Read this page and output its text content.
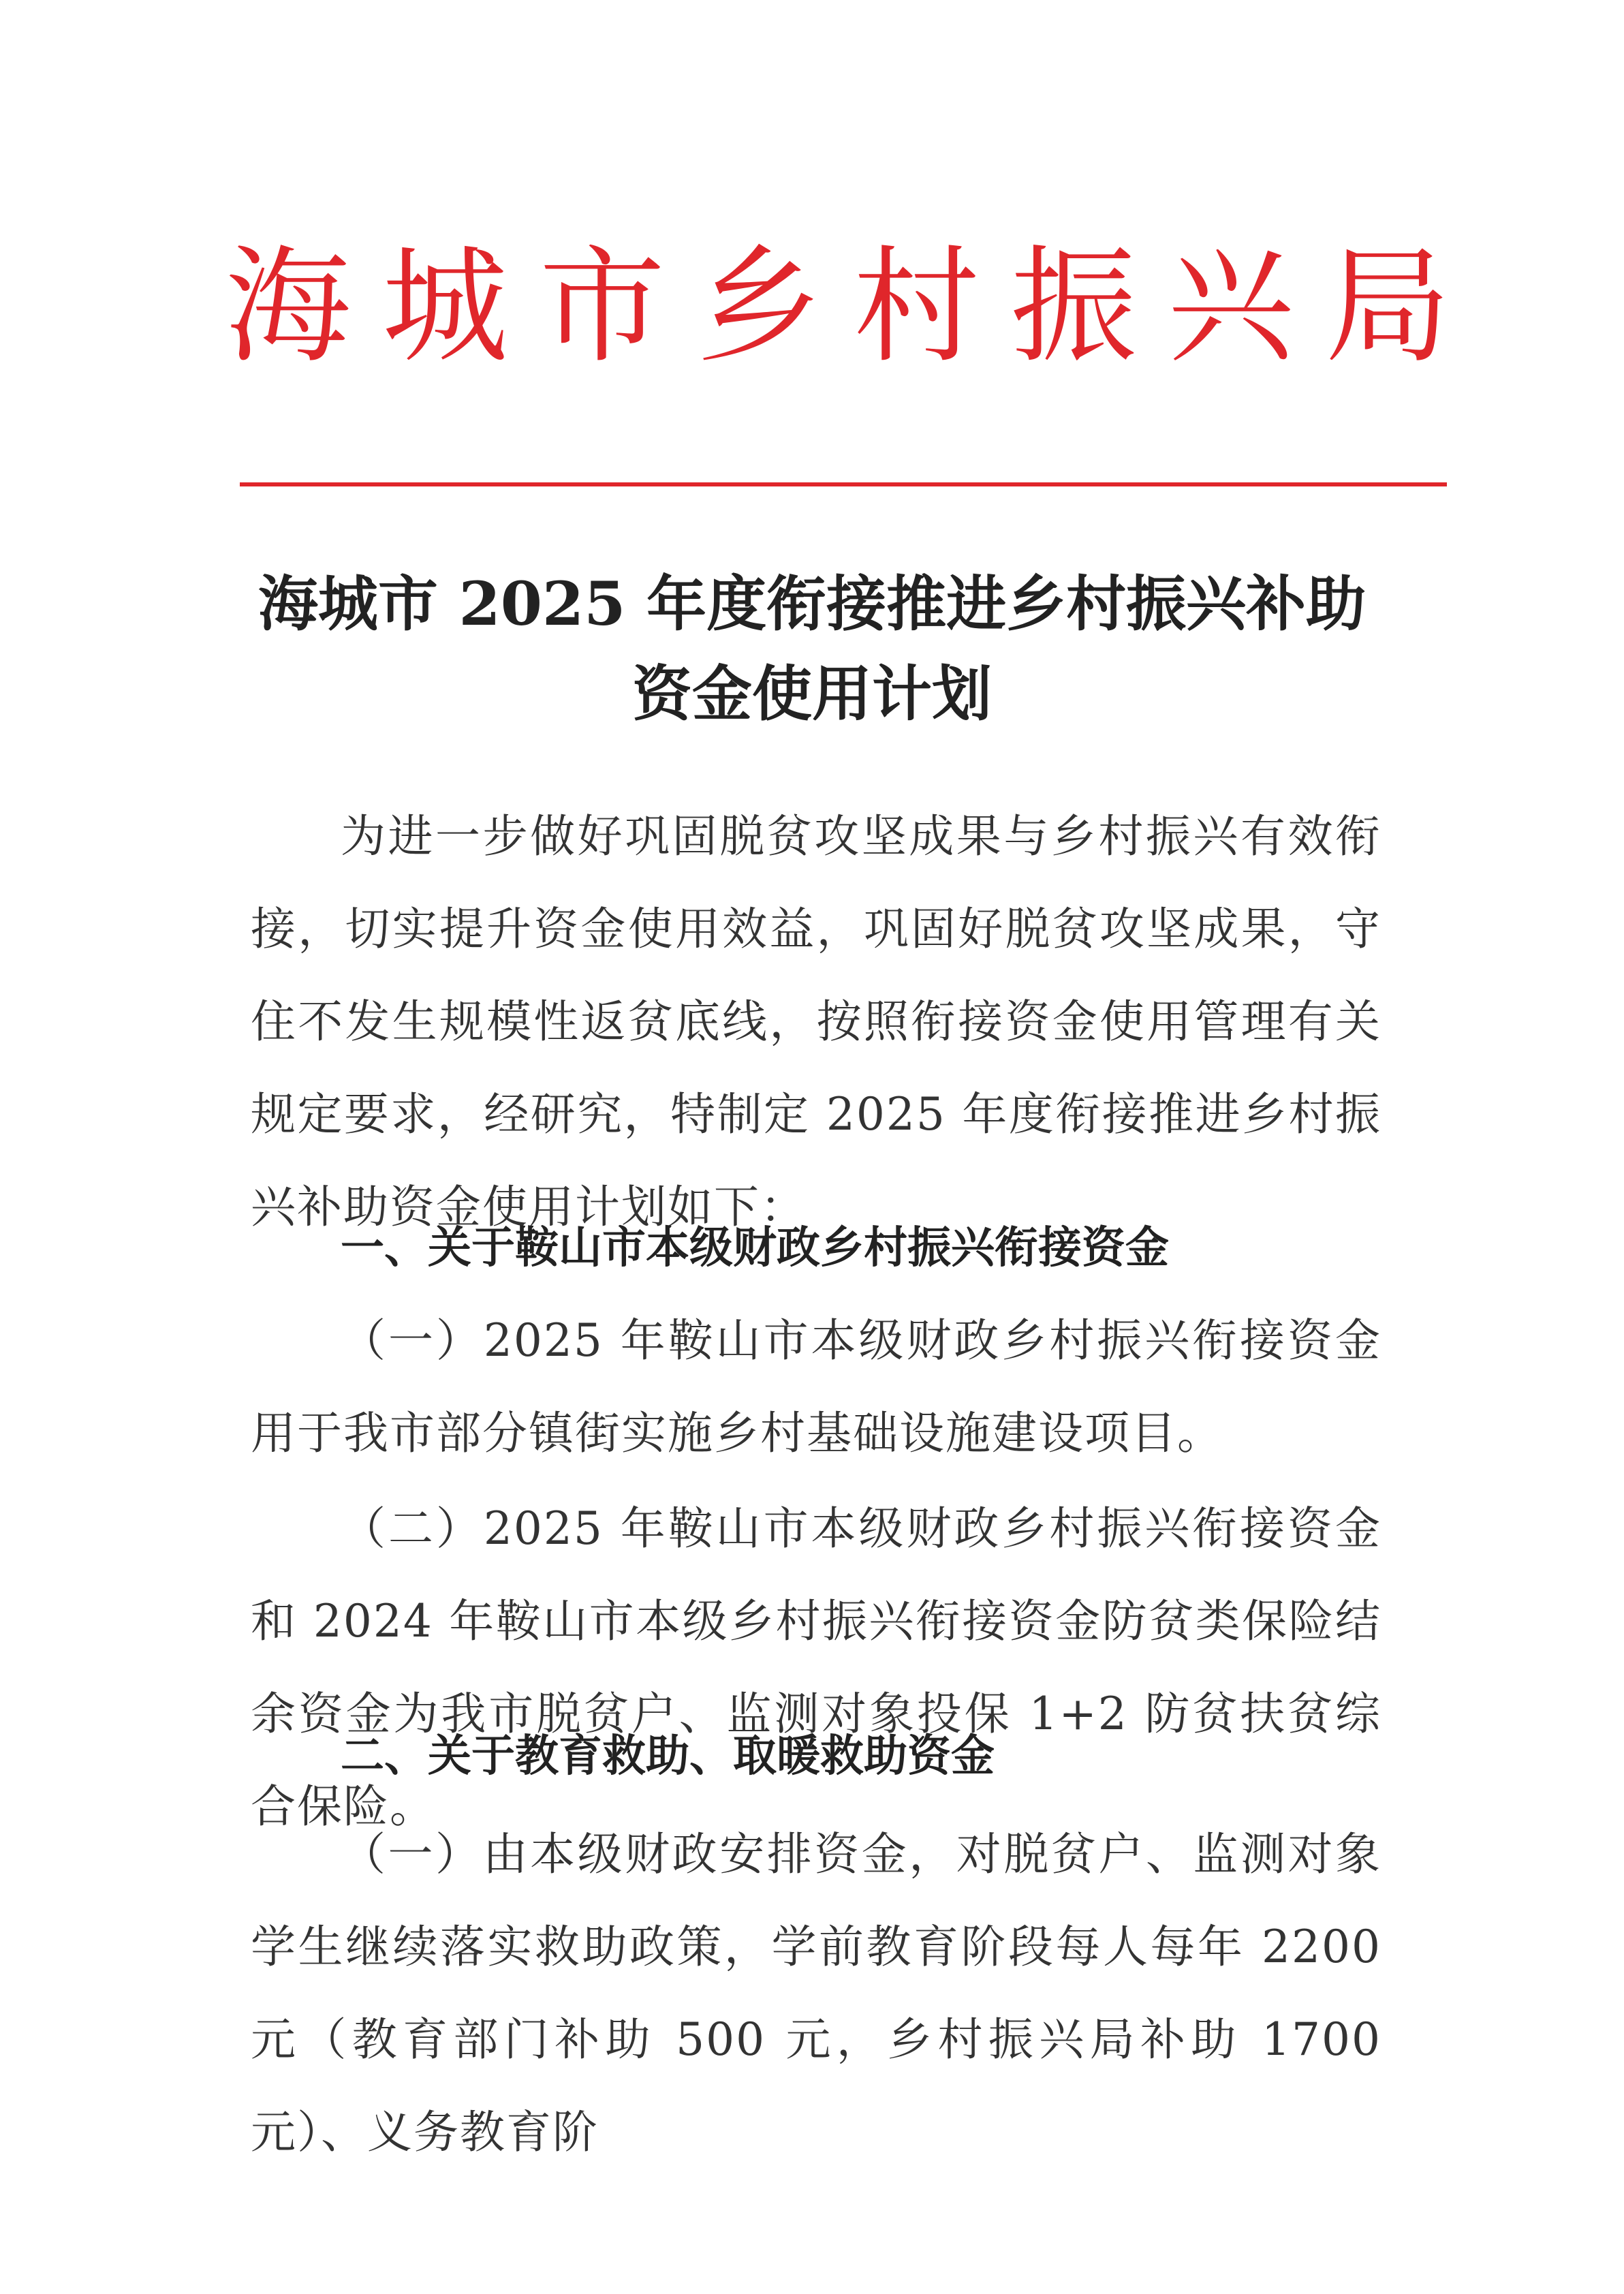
海 城 市 乡 村 振 兴 局
海城市 2025 年度衔接推进乡村振兴补助
资金使用计划
为进一步做好巩固脱贫攻坚成果与乡村振兴有效衔接，切实提升资金使用效益，巩固好脱贫攻坚成果，守住不发生规模性返贫底线，按照衔接资金使用管理有关规定要求，经研究，特制定 2025 年度衔接推进乡村振兴补助资金使用计划如下：
一、关于鞍山市本级财政乡村振兴衔接资金
（一）2025 年鞍山市本级财政乡村振兴衔接资金用于我市部分镇街实施乡村基础设施建设项目。
（二）2025 年鞍山市本级财政乡村振兴衔接资金和 2024 年鞍山市本级乡村振兴衔接资金防贫类保险结余资金为我市脱贫户、监测对象投保 1+2 防贫扶贫综合保险。
二、关于教育救助、取暖救助资金
（一）由本级财政安排资金，对脱贫户、监测对象学生继续落实救助政策，学前教育阶段每人每年 2200 元（教育部门补助 500 元，乡村振兴局补助 1700 元）、义务教育阶
